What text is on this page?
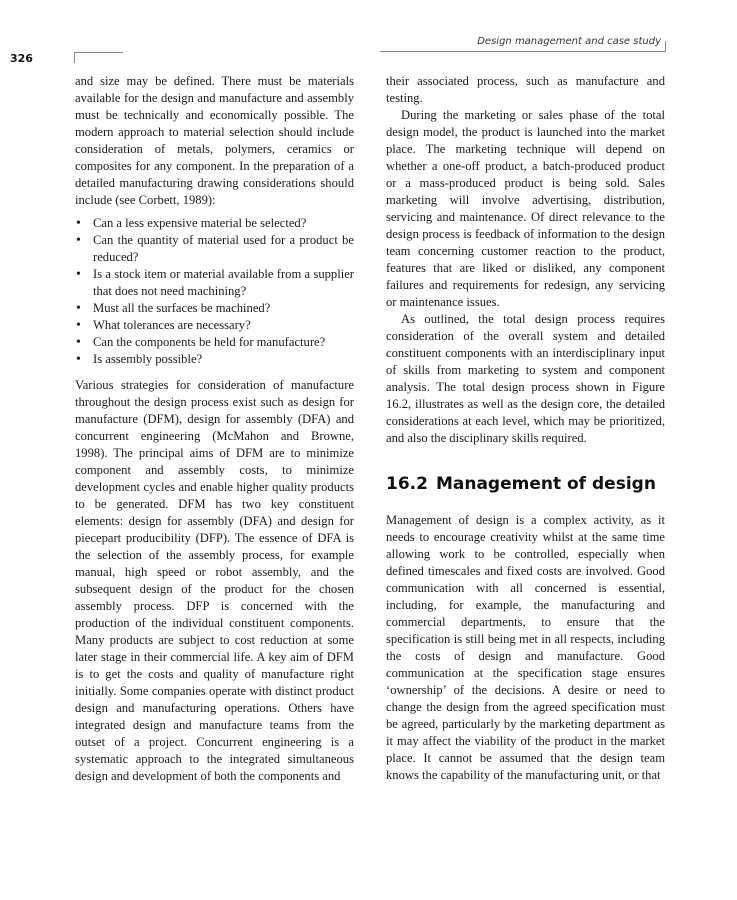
326
Design management and case study

and size may be defined. There must be materials available for the design and manufacture and assembly must be technically and economically possible. The modern approach to material selection should include consideration of metals, polymers, ceramics or composites for any component. In the preparation of a detailed manufacturing drawing considerations should include (see Corbett, 1989):

• Can a less expensive material be selected?
• Can the quantity of material used for a product be reduced?
• Is a stock item or material available from a supplier that does not need machining?
• Must all the surfaces be machined?
• What tolerances are necessary?
• Can the components be held for manufacture?
• Is assembly possible?

Various strategies for consideration of manufacture throughout the design process exist such as design for manufacture (DFM), design for assembly (DFA) and concurrent engineering (McMahon and Browne, 1998). The principal aims of DFM are to minimize component and assembly costs, to minimize development cycles and enable higher quality products to be generated. DFM has two key constituent elements: design for assembly (DFA) and design for piecepart producibility (DFP). The essence of DFA is the selection of the assembly process, for example manual, high speed or robot assembly, and the subsequent design of the product for the chosen assembly process. DFP is concerned with the production of the individual constituent components. Many products are subject to cost reduction at some later stage in their commercial life. A key aim of DFM is to get the costs and quality of manufacture right initially. Some companies operate with distinct product design and manufacturing operations. Others have integrated design and manufacture teams from the outset of a project. Concurrent engineering is a systematic approach to the integrated simultaneous design and development of both the components and

their associated process, such as manufacture and testing.

During the marketing or sales phase of the total design model, the product is launched into the market place. The marketing technique will depend on whether a one-off product, a batch-produced product or a mass-produced product is being sold. Sales marketing will involve advertising, distribution, servicing and maintenance. Of direct relevance to the design process is feedback of information to the design team concerning customer reaction to the product, features that are liked or disliked, any component failures and requirements for redesign, any servicing or maintenance issues.

As outlined, the total design process requires consideration of the overall system and detailed constituent components with an interdisciplinary input of skills from marketing to system and component analysis. The total design process shown in Figure 16.2, illustrates as well as the design core, the detailed considerations at each level, which may be prioritized, and also the disciplinary skills required.

16.2 Management of design

Management of design is a complex activity, as it needs to encourage creativity whilst at the same time allowing work to be controlled, especially when defined timescales and fixed costs are involved. Good communication with all concerned is essential, including, for example, the manufacturing and commercial departments, to ensure that the specification is still being met in all respects, including the costs of design and manufacture. Good communication at the specification stage ensures ‘ownership’ of the decisions. A desire or need to change the design from the agreed specification must be agreed, particularly by the marketing department as it may affect the viability of the product in the market place. It cannot be assumed that the design team knows the capability of the manufacturing unit, or that
